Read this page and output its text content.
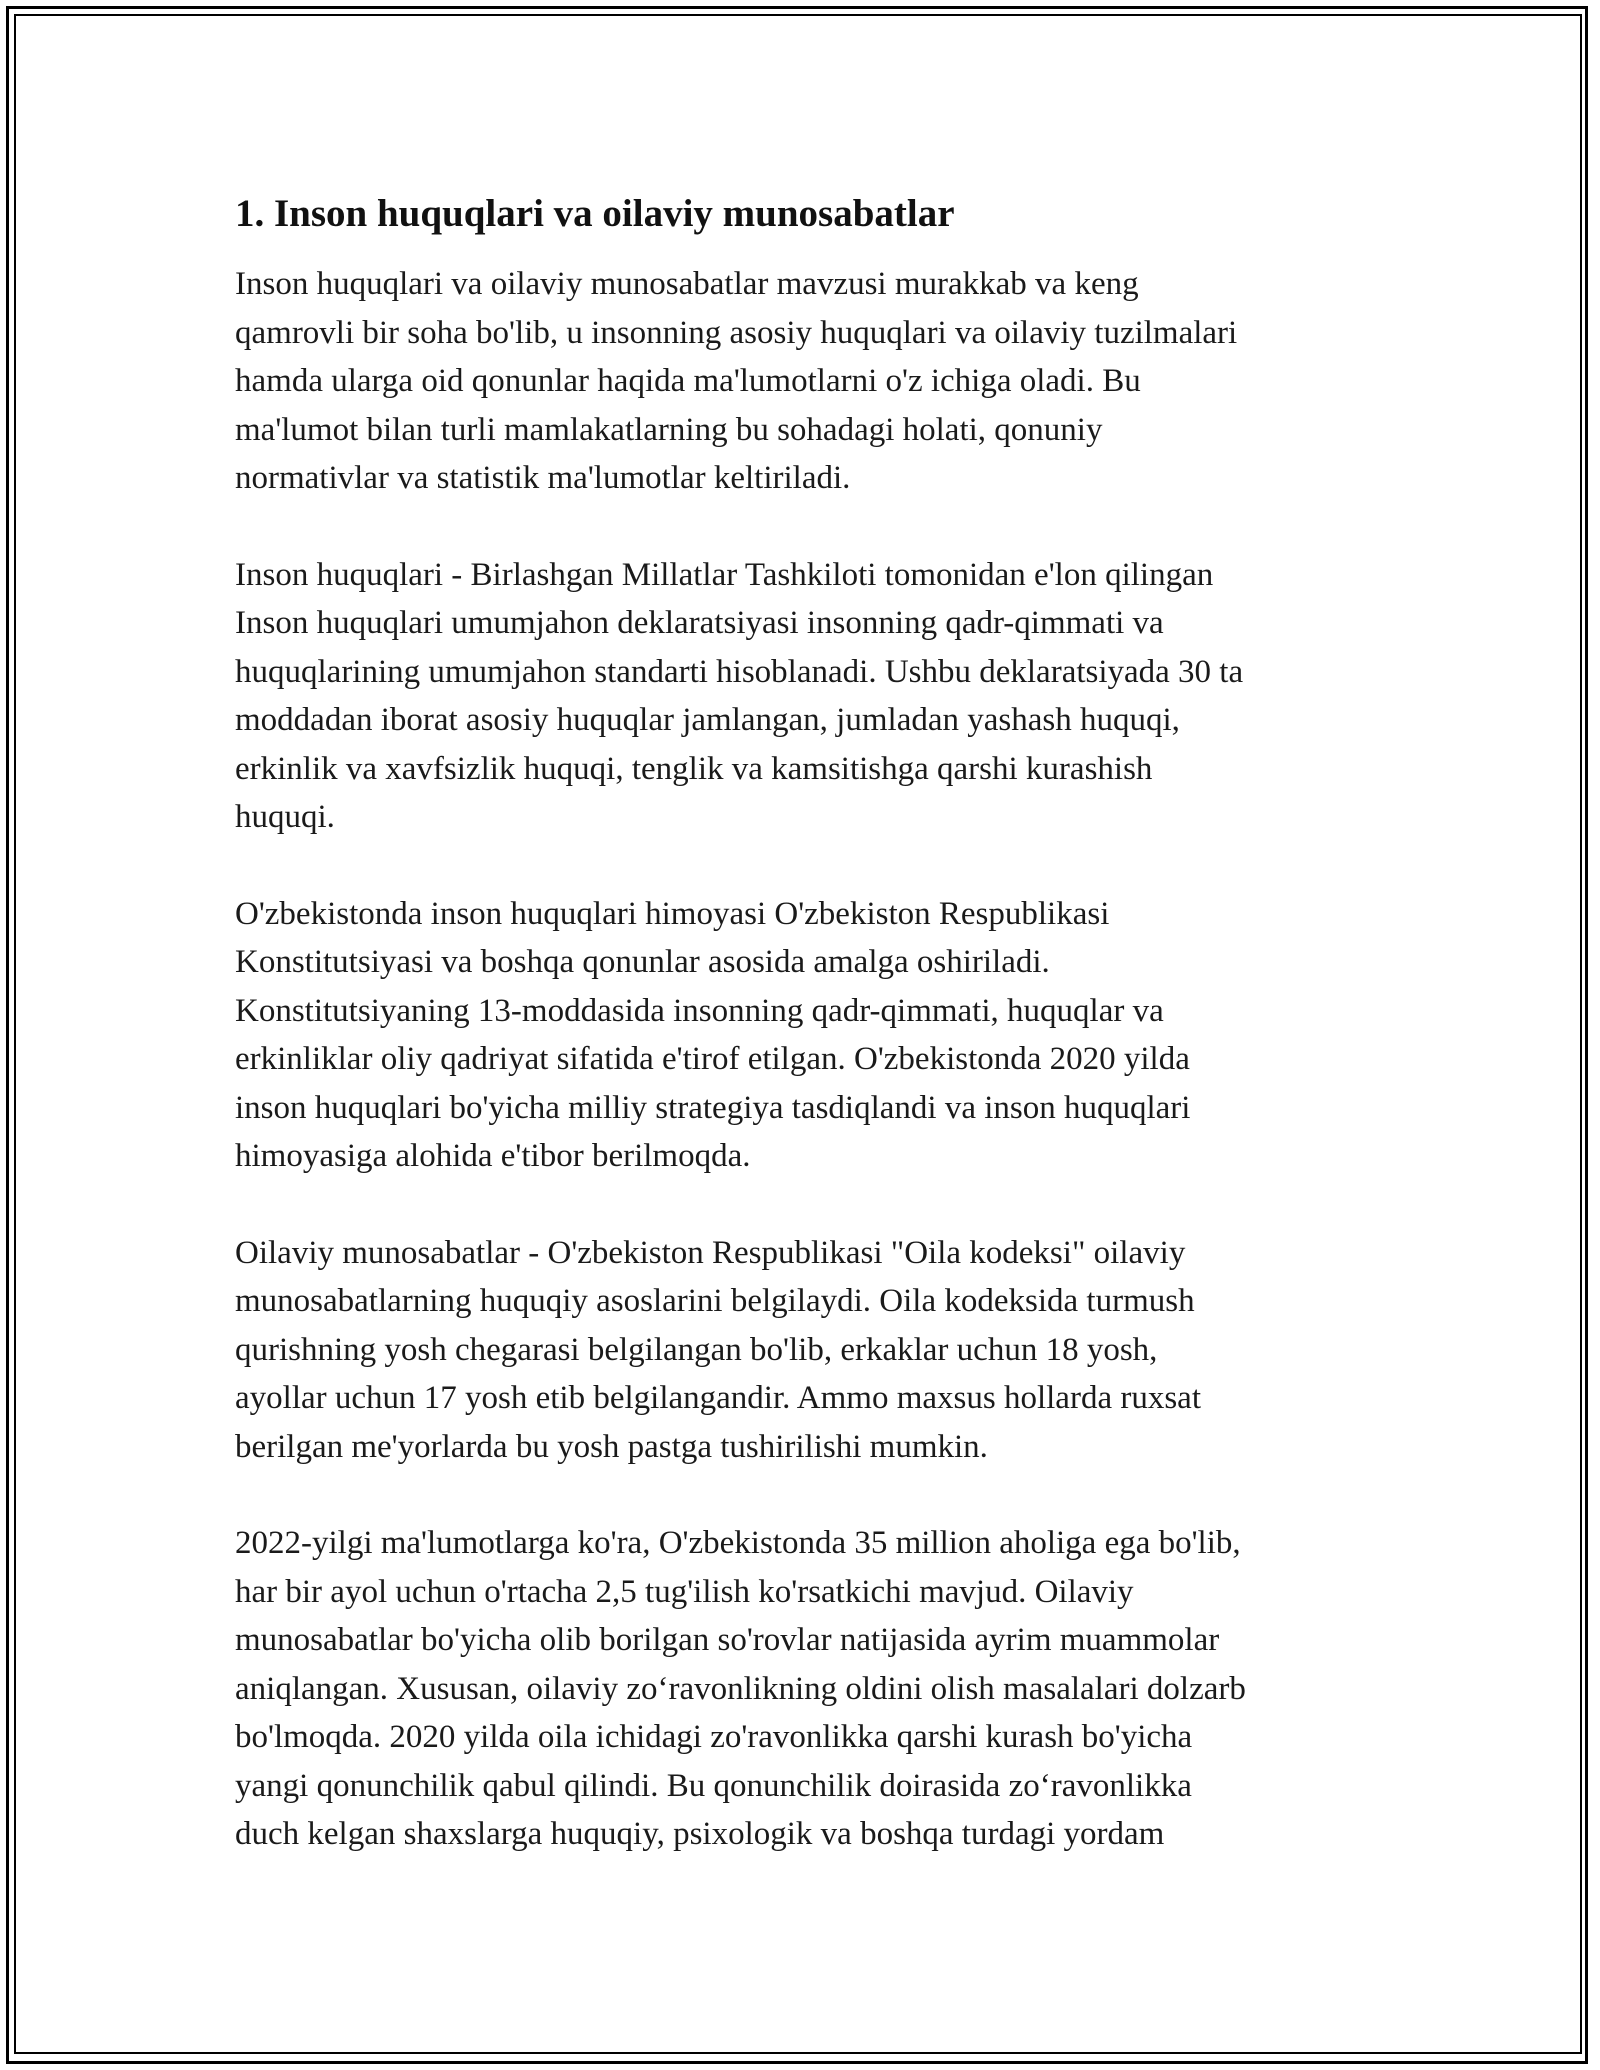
1. Inson huquqlari va oilaviy munosabatlar

Inson huquqlari va oilaviy munosabatlar mavzusi murakkab va keng
qamrovli bir soha bo'lib, u insonning asosiy huquqlari va oilaviy tuzilmalari
hamda ularga oid qonunlar haqida ma'lumotlarni o'z ichiga oladi. Bu
ma'lumot bilan turli mamlakatlarning bu sohadagi holati, qonuniy
normativlar va statistik ma'lumotlar keltiriladi.

Inson huquqlari - Birlashgan Millatlar Tashkiloti tomonidan e'lon qilingan
Inson huquqlari umumjahon deklaratsiyasi insonning qadr-qimmati va
huquqlarining umumjahon standarti hisoblanadi. Ushbu deklaratsiyada 30 ta
moddadan iborat asosiy huquqlar jamlangan, jumladan yashash huquqi,
erkinlik va xavfsizlik huquqi, tenglik va kamsitishga qarshi kurashish
huquqi.

O'zbekistonda inson huquqlari himoyasi O'zbekiston Respublikasi
Konstitutsiyasi va boshqa qonunlar asosida amalga oshiriladi.
Konstitutsiyaning 13-moddasida insonning qadr-qimmati, huquqlar va
erkinliklar oliy qadriyat sifatida e'tirof etilgan. O'zbekistonda 2020 yilda
inson huquqlari bo'yicha milliy strategiya tasdiqlandi va inson huquqlari
himoyasiga alohida e'tibor berilmoqda.

Oilaviy munosabatlar - O'zbekiston Respublikasi "Oila kodeksi" oilaviy
munosabatlarning huquqiy asoslarini belgilaydi. Oila kodeksida turmush
qurishning yosh chegarasi belgilangan bo'lib, erkaklar uchun 18 yosh,
ayollar uchun 17 yosh etib belgilangandir. Ammo maxsus hollarda ruxsat
berilgan me'yorlarda bu yosh pastga tushirilishi mumkin.

2022-yilgi ma'lumotlarga ko'ra, O'zbekistonda 35 million aholiga ega bo'lib,
har bir ayol uchun o'rtacha 2,5 tug'ilish ko'rsatkichi mavjud. Oilaviy
munosabatlar bo'yicha olib borilgan so'rovlar natijasida ayrim muammolar
aniqlangan. Xususan, oilaviy zo‘ravonlikning oldini olish masalalari dolzarb
bo'lmoqda. 2020 yilda oila ichidagi zo'ravonlikka qarshi kurash bo'yicha
yangi qonunchilik qabul qilindi. Bu qonunchilik doirasida zo‘ravonlikka
duch kelgan shaxslarga huquqiy, psixologik va boshqa turdagi yordam
